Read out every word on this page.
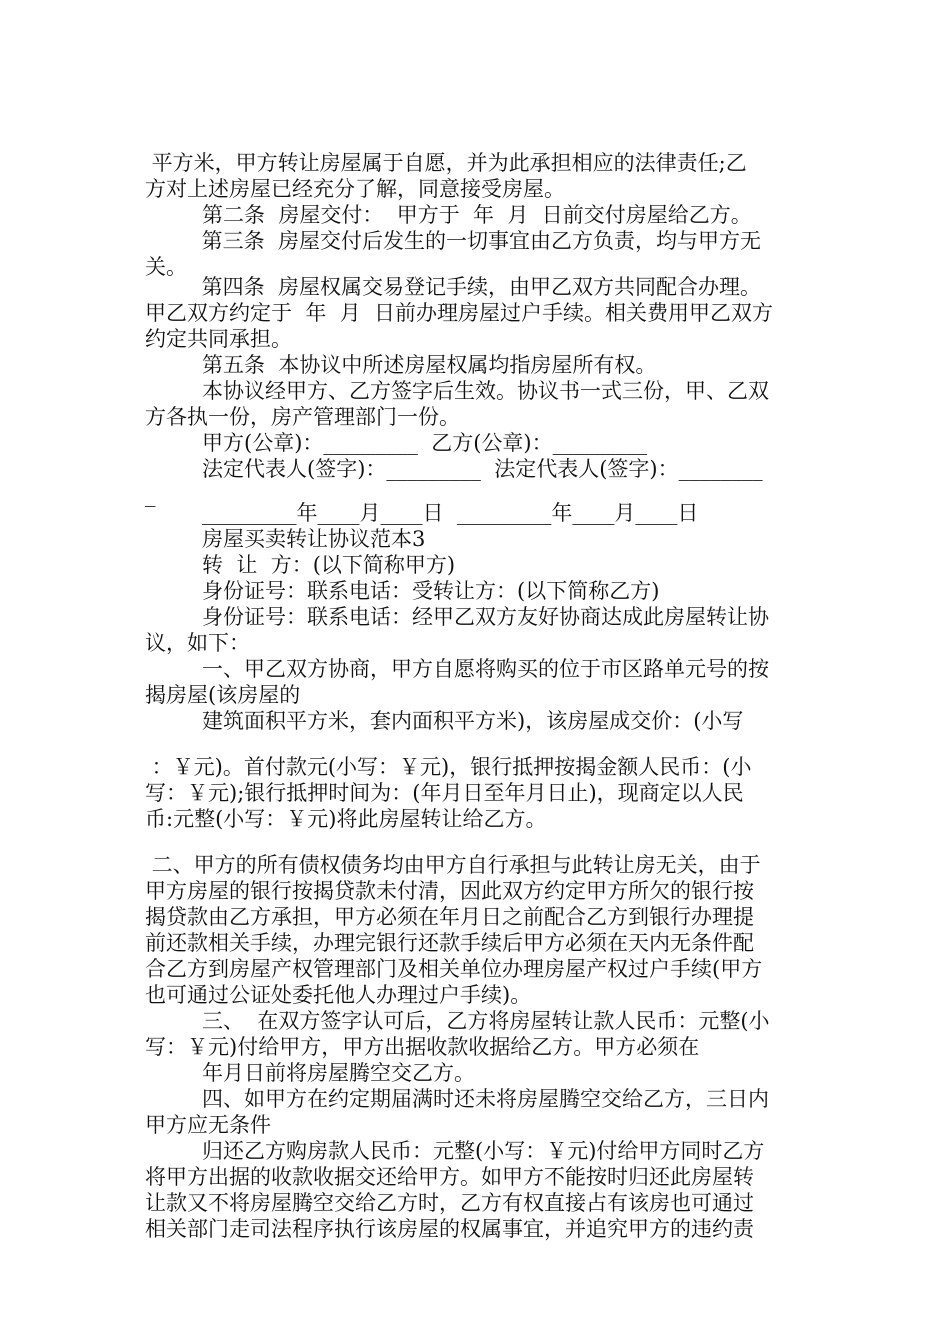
平方米，甲方转让房屋属于自愿，并为此承担相应的法律责任;乙
方对上述房屋已经充分了解，同意接受房屋。
第二条  房屋交付：  甲方于  年  月  日前交付房屋给乙方。
第三条  房屋交付后发生的一切事宜由乙方负责，均与甲方无
关。
第四条  房屋权属交易登记手续，由甲乙双方共同配合办理。
甲乙双方约定于  年  月  日前办理房屋过户手续。相关费用甲乙双方
约定共同承担。
第五条  本协议中所述房屋权属均指房屋所有权。
本协议经甲方、乙方签字后生效。协议书一式三份，甲、乙双
方各执一份，房产管理部门一份。
甲方(公章)：_________  乙方(公章)：_________
法定代表人(签字)：_________  法定代表人(签字)：________
_
_________年____月____日  _________年____月____日
房屋买卖转让协议范本3
转  让  方：(以下简称甲方)
身份证号：联系电话：受转让方：(以下简称乙方)
身份证号：联系电话：经甲乙双方友好协商达成此房屋转让协
议，如下：
一、甲乙双方协商，甲方自愿将购买的位于市区路单元号的按
揭房屋(该房屋的
建筑面积平方米，套内面积平方米)，该房屋成交价：(小写
：￥元)。首付款元(小写：￥元)，银行抵押按揭金额人民币：(小
写：￥元);银行抵押时间为：(年月日至年月日止)，现商定以人民
币:元整(小写：￥元)将此房屋转让给乙方。
二、甲方的所有债权债务均由甲方自行承担与此转让房无关，由于
甲方房屋的银行按揭贷款未付清，因此双方约定甲方所欠的银行按
揭贷款由乙方承担，甲方必须在年月日之前配合乙方到银行办理提
前还款相关手续，办理完银行还款手续后甲方必须在天内无条件配
合乙方到房屋产权管理部门及相关单位办理房屋产权过户手续(甲方
也可通过公证处委托他人办理过户手续)。
三、  在双方签字认可后，乙方将房屋转让款人民币：元整(小
写：￥元)付给甲方，甲方出据收款收据给乙方。甲方必须在
年月日前将房屋腾空交乙方。
四、如甲方在约定期届满时还未将房屋腾空交给乙方，三日内
甲方应无条件
归还乙方购房款人民币：元整(小写：￥元)付给甲方同时乙方
将甲方出据的收款收据交还给甲方。如甲方不能按时归还此房屋转
让款又不将房屋腾空交给乙方时，乙方有权直接占有该房也可通过
相关部门走司法程序执行该房屋的权属事宜，并追究甲方的违约责
